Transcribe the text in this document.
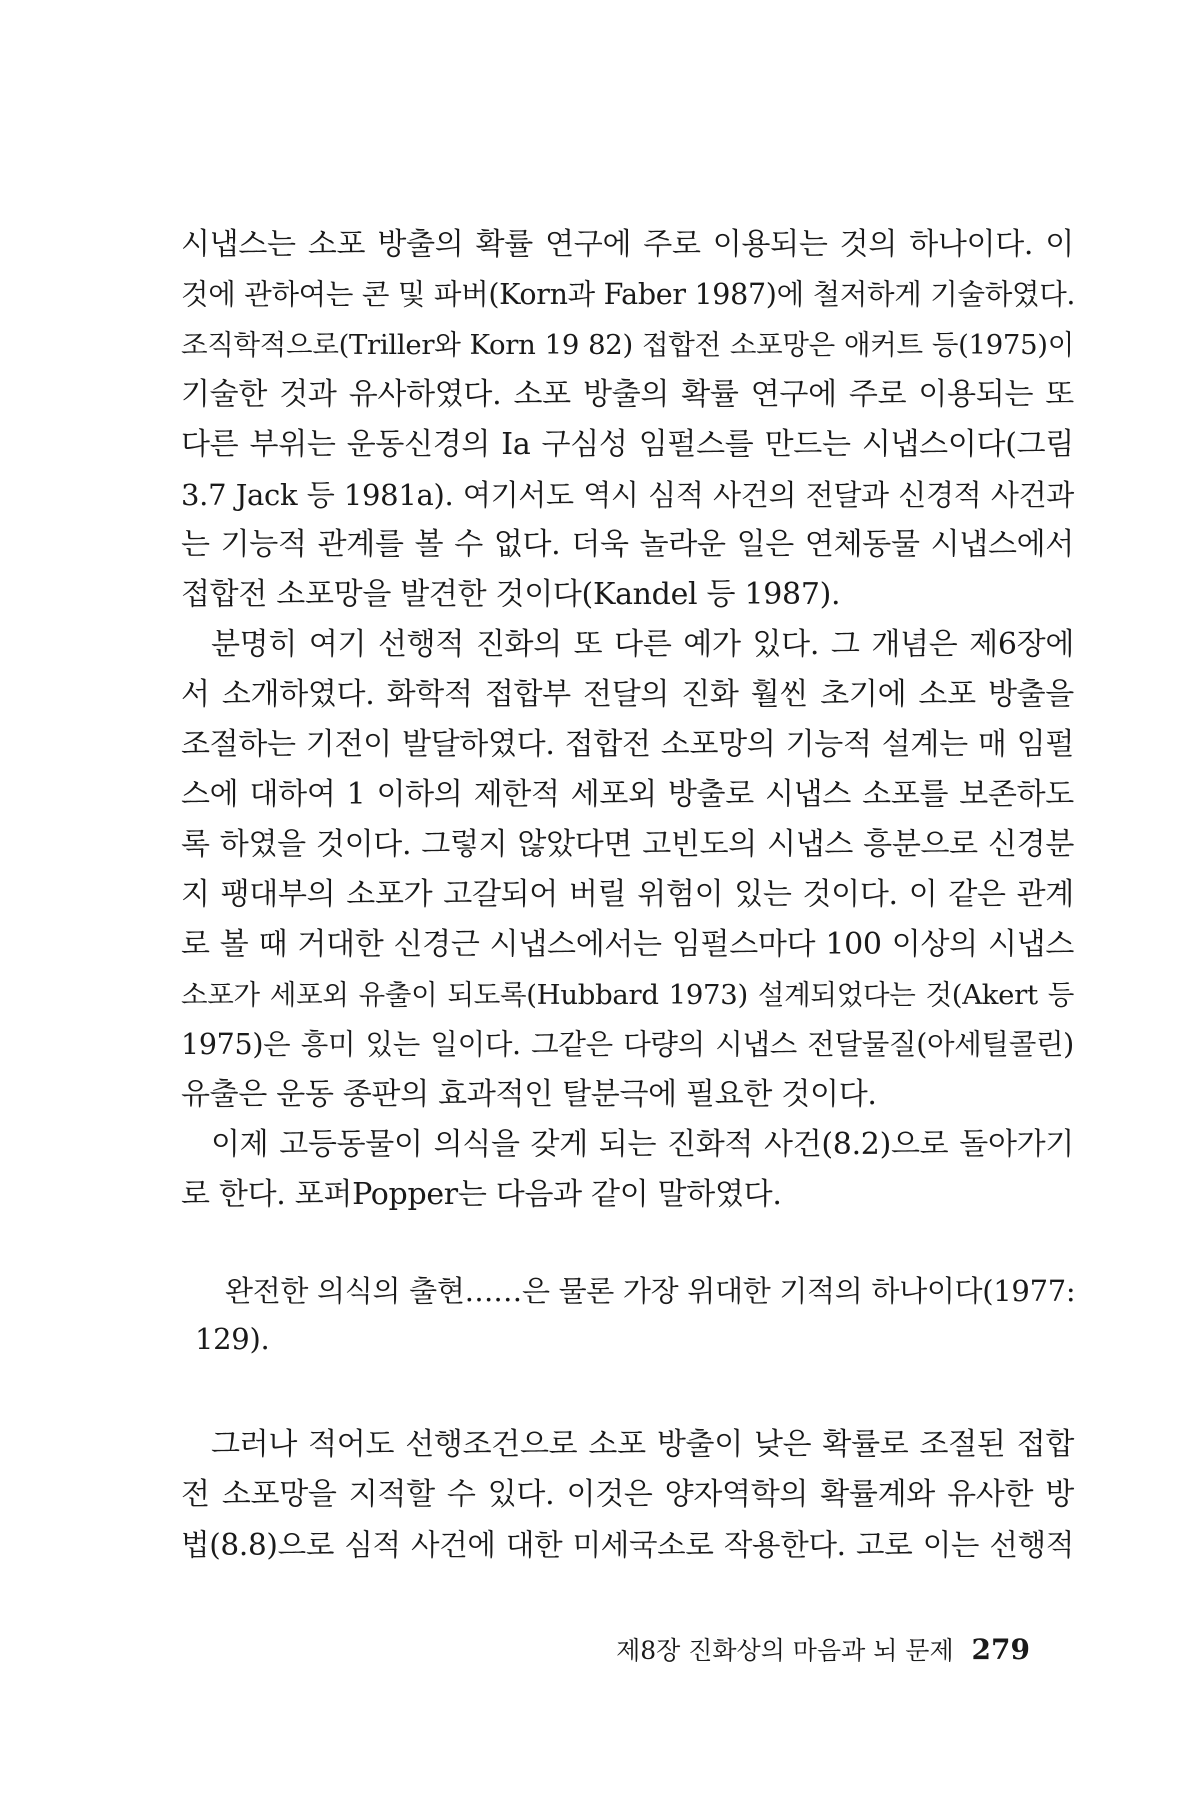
시냅스는 소포 방출의 확률 연구에 주로 이용되는 것의 하나이다. 이
것에 관하여는 콘 및 파버(Korn과 Faber 1987)에 철저하게 기술하였다.
조직학적으로(Triller와 Korn 19 82) 접합전 소포망은 애커트 등(1975)이
기술한 것과 유사하였다. 소포 방출의 확률 연구에 주로 이용되는 또
다른 부위는 운동신경의 Ia 구심성 임펄스를 만드는 시냅스이다(그림
3.7 Jack 등 1981a). 여기서도 역시 심적 사건의 전달과 신경적 사건과
는 기능적 관계를 볼 수 없다. 더욱 놀라운 일은 연체동물 시냅스에서
접합전 소포망을 발견한 것이다(Kandel 등 1987).
분명히 여기 선행적 진화의 또 다른 예가 있다. 그 개념은 제6장에
서 소개하였다. 화학적 접합부 전달의 진화 훨씬 초기에 소포 방출을
조절하는 기전이 발달하였다. 접합전 소포망의 기능적 설계는 매 임펄
스에 대하여 1 이하의 제한적 세포외 방출로 시냅스 소포를 보존하도
록 하였을 것이다. 그렇지 않았다면 고빈도의 시냅스 흥분으로 신경분
지 팽대부의 소포가 고갈되어 버릴 위험이 있는 것이다. 이 같은 관계
로 볼 때 거대한 신경근 시냅스에서는 임펄스마다 100 이상의 시냅스
소포가 세포외 유출이 되도록(Hubbard 1973) 설계되었다는 것(Akert 등
1975)은 흥미 있는 일이다. 그같은 다량의 시냅스 전달물질(아세틸콜린)
유출은 운동 종판의 효과적인 탈분극에 필요한 것이다.
이제 고등동물이 의식을 갖게 되는 진화적 사건(8.2)으로 돌아가기
로 한다. 포퍼Popper는 다음과 같이 말하였다.
완전한 의식의 출현……은 물론 가장 위대한 기적의 하나이다(1977:
129).
그러나 적어도 선행조건으로 소포 방출이 낮은 확률로 조절된 접합
전 소포망을 지적할 수 있다. 이것은 양자역학의 확률계와 유사한 방
법(8.8)으로 심적 사건에 대한 미세국소로 작용한다. 고로 이는 선행적
제8장 진화상의 마음과 뇌 문제 279
